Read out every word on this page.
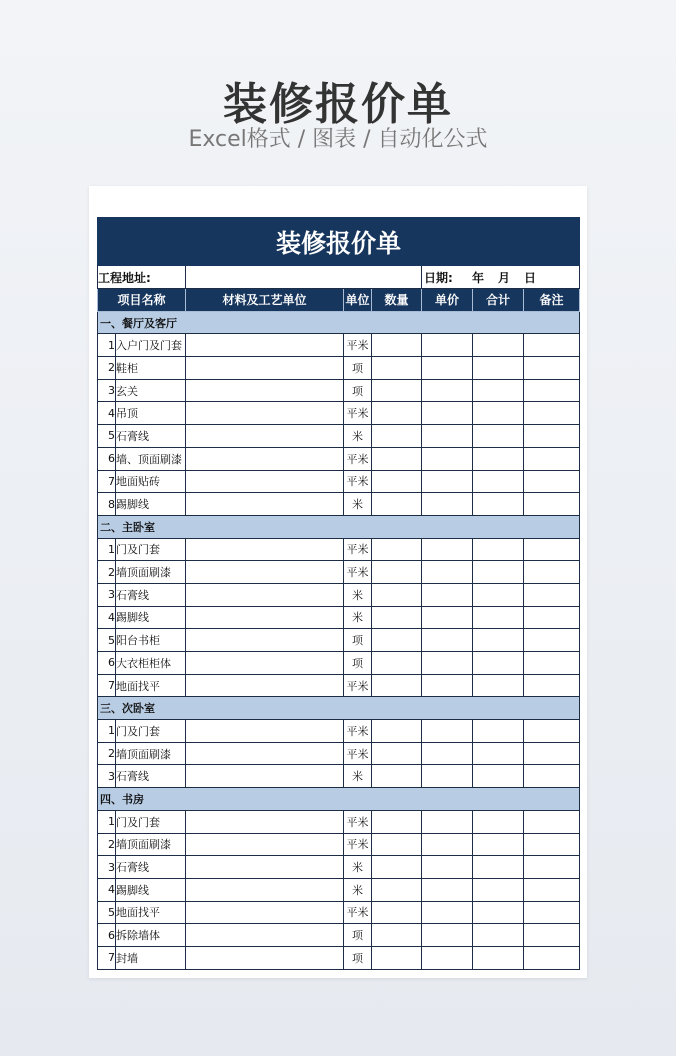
装修报价单
Excel格式 / 图表 / 自动化公式
装修报价单							
工程地址:					日期: 年 月 日		

项目名称		材料及工艺单位	单位	数量	单价	合计	备注
一、餐厅及客厅							
1	入户门及门套		平米				
2	鞋柜		项				
3	玄关		项				
4	吊顶		平米				
5	石膏线		米				
6	墙、顶面刷漆		平米				
7	地面贴砖		平米				
8	踢脚线		米				
二、主卧室							
1	门及门套		平米				
2	墙顶面刷漆		平米				
3	石膏线		米				
4	踢脚线		米				
5	阳台书柜		项				
6	大衣柜柜体		项				
7	地面找平		平米				
三、次卧室							
1	门及门套		平米				
2	墙顶面刷漆		平米				
3	石膏线		米				
四、书房							
1	门及门套		平米				
2	墙顶面刷漆		平米				
3	石膏线		米				
4	踢脚线		米				
5	地面找平		平米				
6	拆除墙体		项				
7	封墙		项				
